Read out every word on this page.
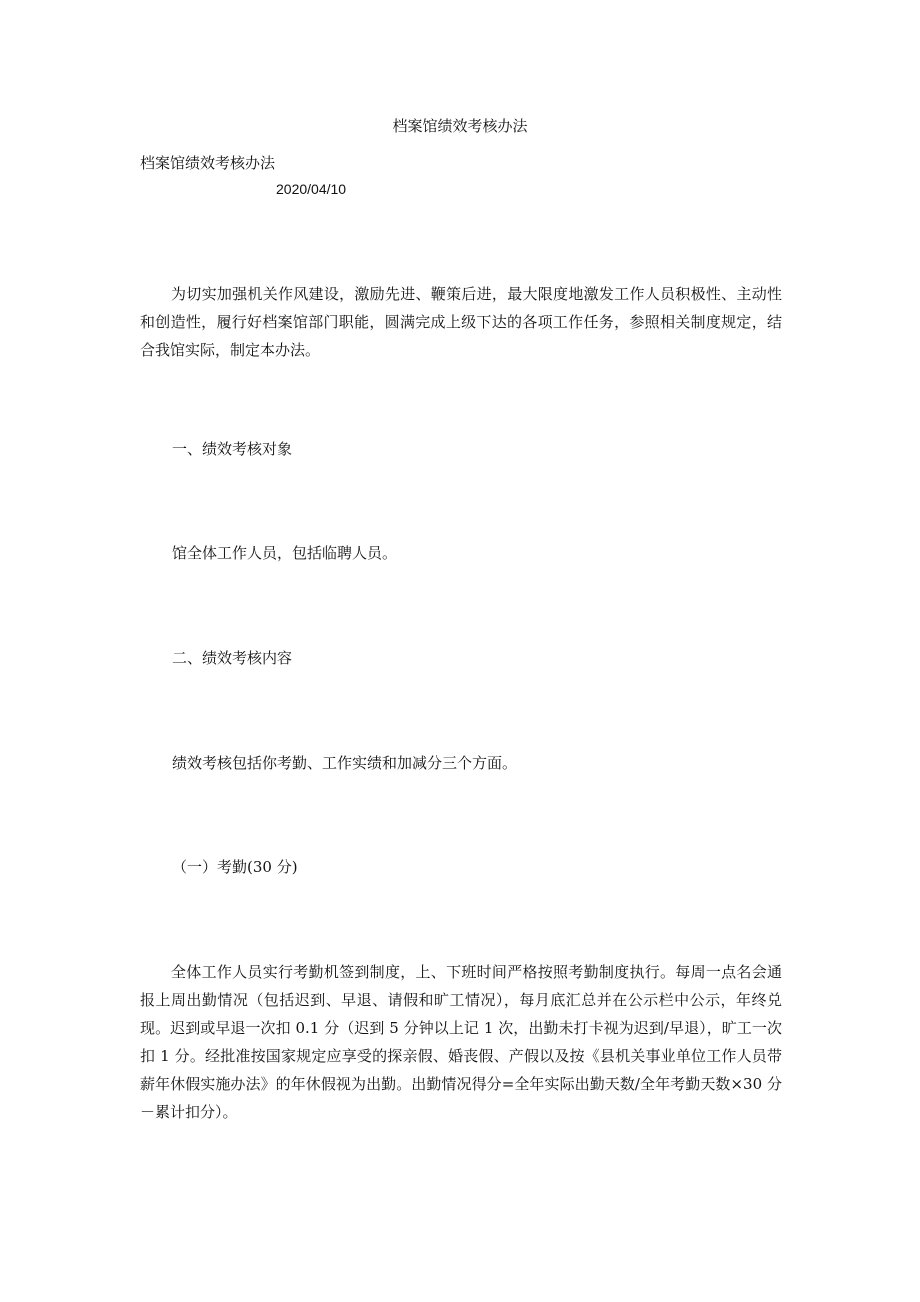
档案馆绩效考核办法
档案馆绩效考核办法
2020/04/10

为切实加强机关作风建设，激励先进、鞭策后进，最大限度地激发工作人员积极性、主动性和创造性，履行好档案馆部门职能，圆满完成上级下达的各项工作任务，参照相关制度规定，结合我馆实际，制定本办法。

一、绩效考核对象
馆全体工作人员，包括临聘人员。
二、绩效考核内容
绩效考核包括你考勤、工作实绩和加减分三个方面。
（一）考勤(30 分)

全体工作人员实行考勤机签到制度，上、下班时间严格按照考勤制度执行。每周一点名会通报上周出勤情况（包括迟到、早退、请假和旷工情况），每月底汇总并在公示栏中公示，年终兑现。迟到或早退一次扣 0.1 分（迟到 5 分钟以上记 1 次，出勤未打卡视为迟到/早退），旷工一次扣 1 分。经批准按国家规定应享受的探亲假、婚丧假、产假以及按《县机关事业单位工作人员带薪年休假实施办法》的年休假视为出勤。出勤情况得分=全年实际出勤天数/全年考勤天数×30 分－累计扣分）。
